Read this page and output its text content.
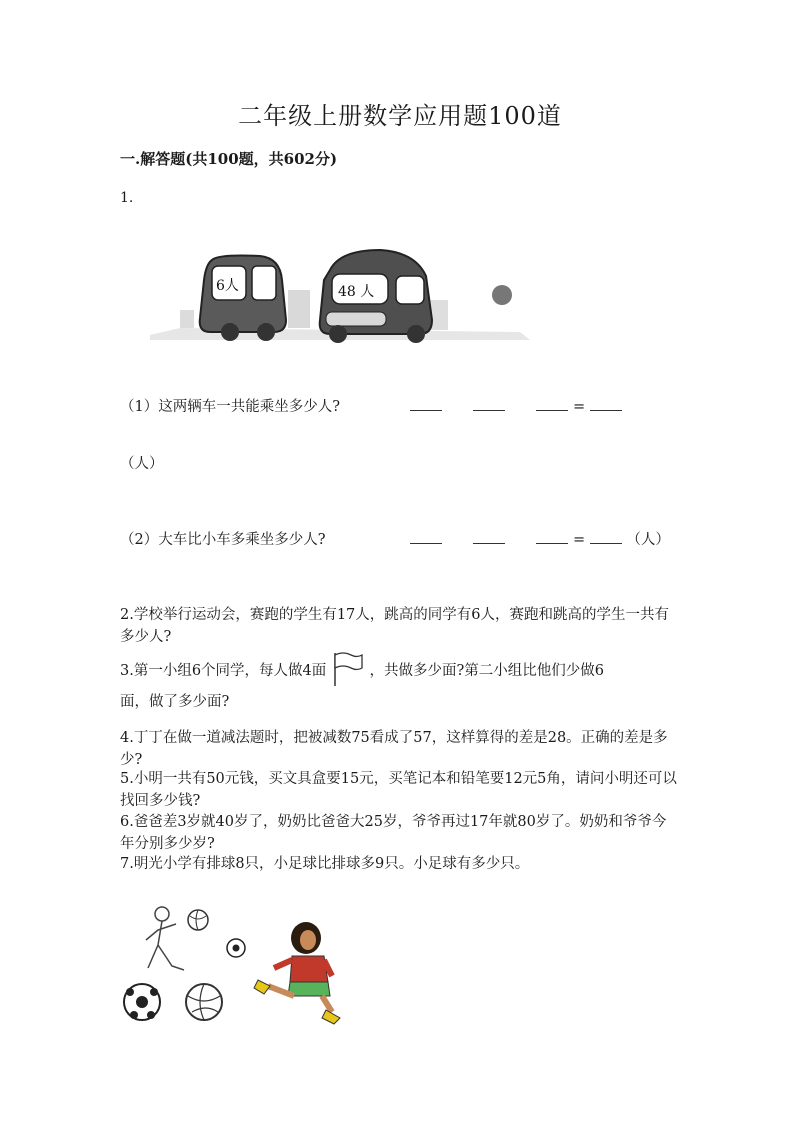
二年级上册数学应用题100道
一.解答题(共100题，共602分)
1.
6人	48 人
（1）这两辆车一共能乘坐多少人?	=
（人）
（2）大车比小车多乘坐多少人?	=	（人）
2.学校举行运动会，赛跑的学生有17人，跳高的同学有6人，赛跑和跳高的学生一共有多少人?
3.第一小组6个同学，每人做4面	，共做多少面?第二小组比他们少做6
面，做了多少面?
4.丁丁在做一道减法题时，把被减数75看成了57，这样算得的差是28。正确的差是多少?
5.小明一共有50元钱，买文具盒要15元，买笔记本和铅笔要12元5角，请问小明还可以找回多少钱?
6.爸爸差3岁就40岁了，奶奶比爸爸大25岁，爷爷再过17年就80岁了。奶奶和爷爷今年分别多少岁?
7.明光小学有排球8只，小足球比排球多9只。小足球有多少只。
